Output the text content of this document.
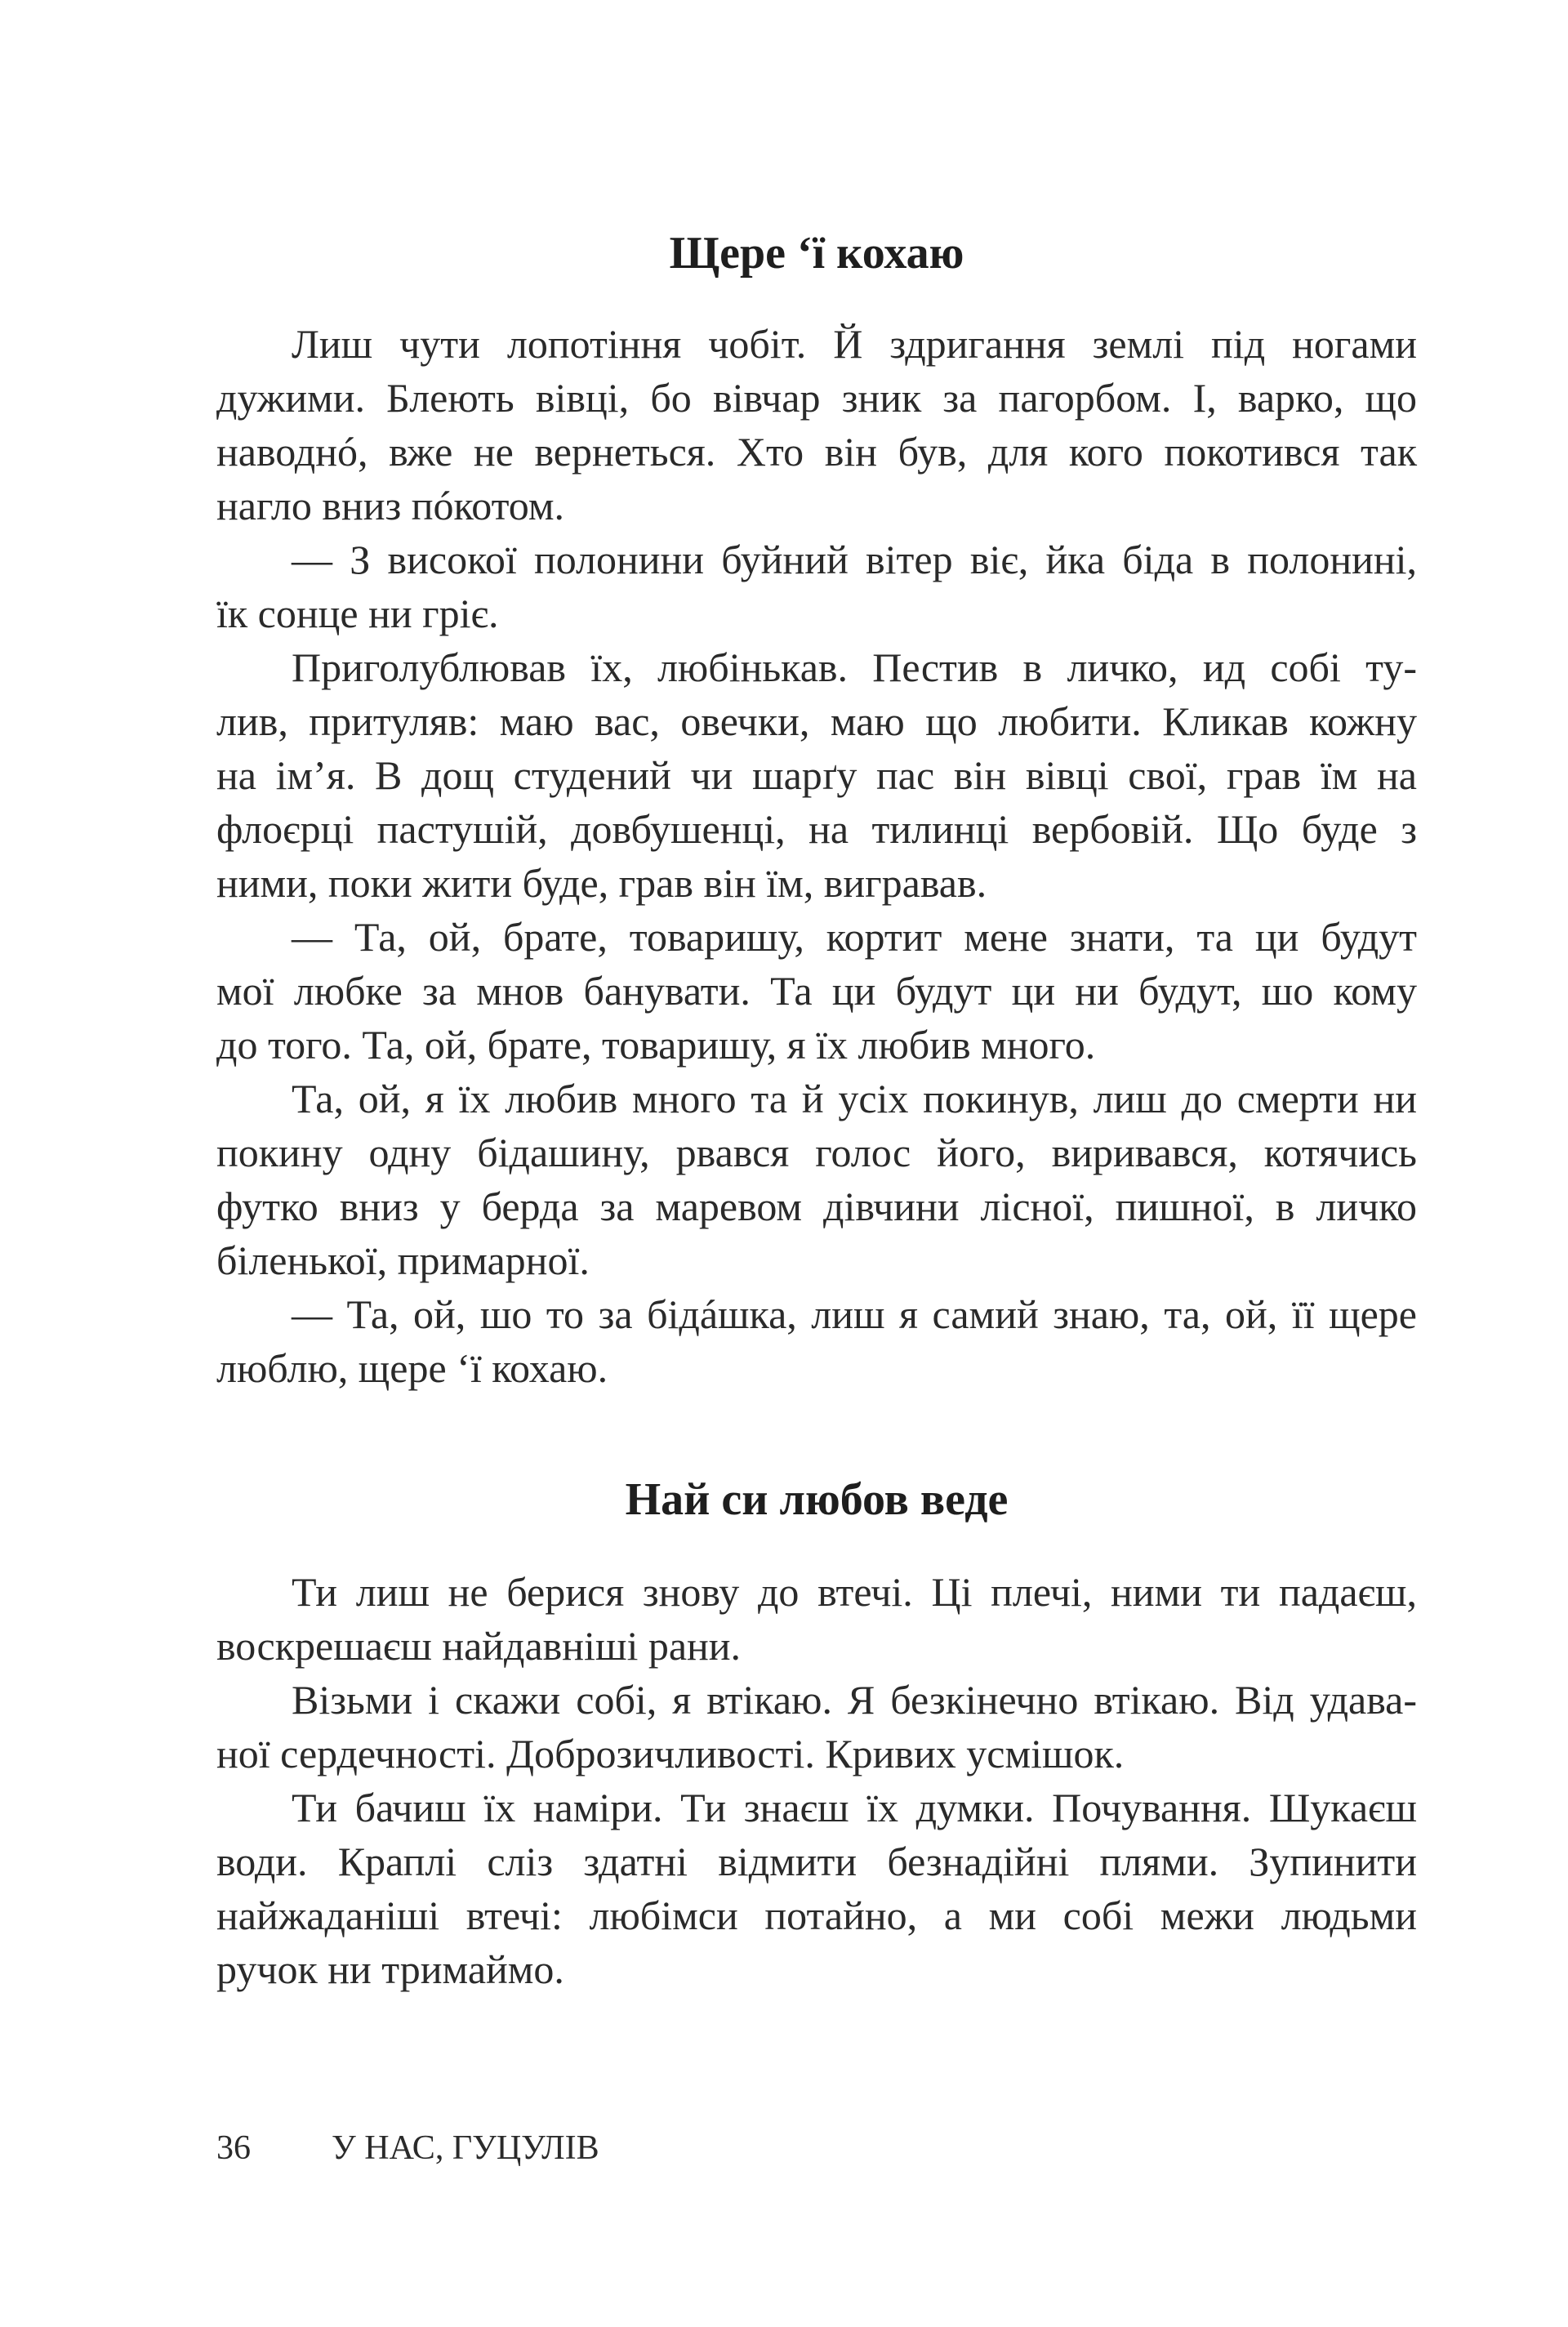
Щере ʻї кохаю
Лиш чути лопотіння чобіт. Й здригання землі під ногами
дужими. Блеють вівці, бо вівчар зник за пагорбом. І, варко, що
наводнó, вже не вернеться. Хто він був, для кого покотився так
нагло вниз пóкотом.
— З високої полонини буйний вітер віє, йка біда в полонині,
їк сонце ни гріє.
Приголублював їх, любінькав. Пестив в личко, ид собі ту-
лив, притуляв: маю вас, овечки, маю що любити. Кликав кожну
на імʼя. В дощ студений чи шарґу пас він вівці свої, грав їм на
флоєрці пастушій, довбушенці, на тилинці вербовій. Що буде з
ними, поки жити буде, грав він їм, вигравав.
— Та, ой, брате, товаришу, кортит мене знати, та ци будут
мої любке за мнов банувати. Та ци будут ци ни будут, шо кому
до того. Та, ой, брате, товаришу, я їх любив много.
Та, ой, я їх любив много та й усіх покинув, лиш до смерти ни
покину одну бідашину, рвався голос його, виривався, котячись
футко вниз у берда за маревом дівчини лісної, пишної, в личко
біленької, примарної.
— Та, ой, шо то за бідáшка, лиш я самий знаю, та, ой, її щере
люблю, щере ʻї кохаю.
Най си любов веде
Ти лиш не берися знову до втечі. Ці плечі, ними ти падаєш,
воскрешаєш найдавніші рани.
Візьми і скажи собі, я втікаю. Я безкінечно втікаю. Від удава-
ної сердечності. Доброзичливості. Кривих усмішок.
Ти бачиш їх наміри. Ти знаєш їх думки. Почування. Шукаєш
води. Краплі сліз здатні відмити безнадійні плями. Зупинити
найжаданіші втечі: любімси потайно, а ми собі межи людьми
ручок ни тримаймо.
36 У НАС, ГУЦУЛІВ
